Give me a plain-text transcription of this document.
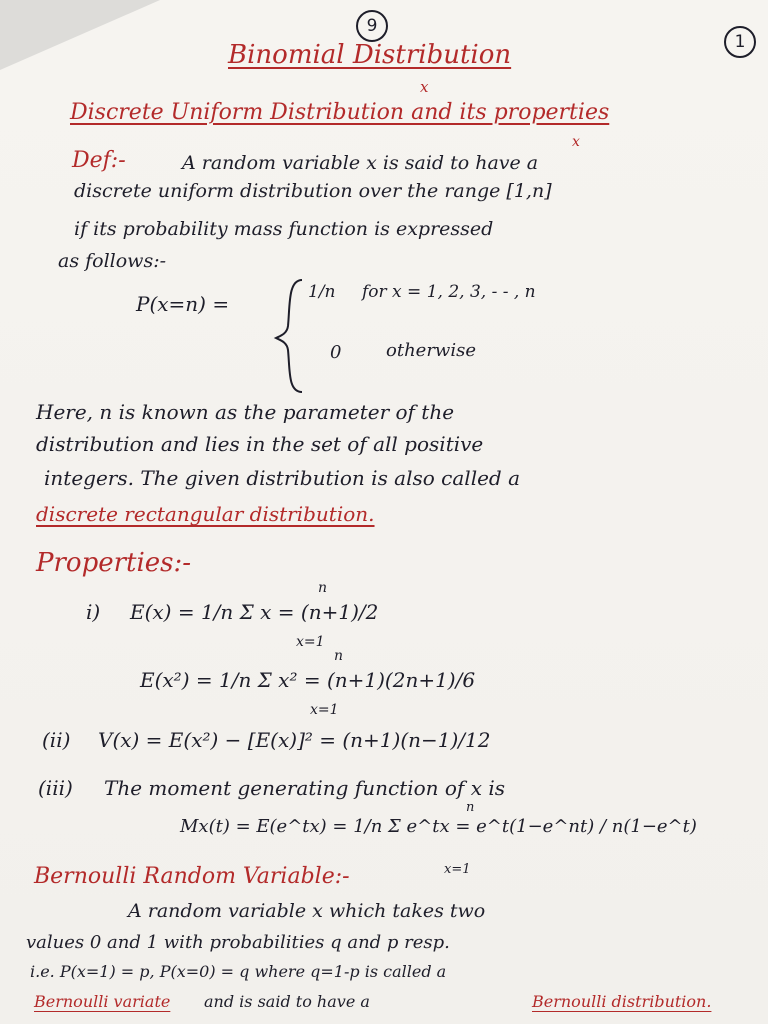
9
1
Binomial Distribution
x
Discrete Uniform Distribution and its properties
x
Def:-	A random variable x is said to have a
discrete uniform distribution over the range [1,n]
if its probability mass function is expressed
as follows:-
P(x=n) =	1/n for x = 1, 2, 3, - - , n
0 otherwise
Here, n is known as the parameter of the
distribution and lies in the set of all positive
integers. The given distribution is also called a
discrete rectangular distribution.
Properties:-
i) E(x) = 1/n Σ x = (n+1)/2
n
x=1
E(x²) = 1/n Σ x² = (n+1)(2n+1)/6
n
x=1
(ii) V(x) = E(x²) − [E(x)]² = (n+1)(n−1)/12
(iii) The moment generating function of x is
Mx(t) = E(e^tx) = 1/n Σ e^tx = e^t(1−e^nt) / n(1−e^t)
n
x=1
Bernoulli Random Variable:-
A random variable x which takes two
values 0 and 1 with probabilities q and p resp.
i.e. P(x=1) = p, P(x=0) = q where q=1-p is called a
Bernoulli variate and is said to have a	Bernoulli distribution.
